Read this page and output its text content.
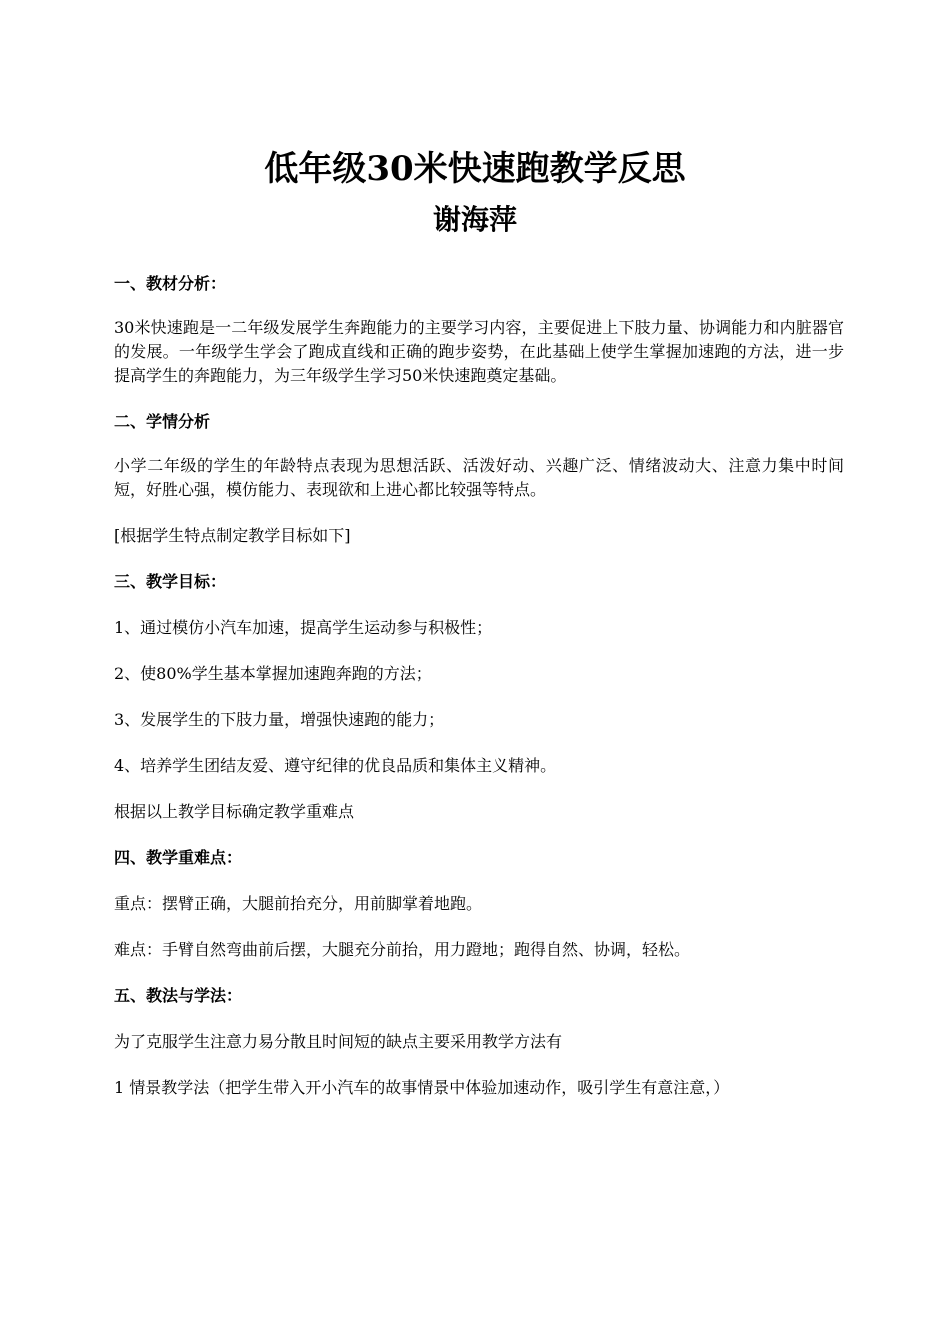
低年级30米快速跑教学反思
谢海萍
一、教材分析：
30米快速跑是一二年级发展学生奔跑能力的主要学习内容，主要促进上下肢力量、协调能力和内脏器官的发展。一年级学生学会了跑成直线和正确的跑步姿势，在此基础上使学生掌握加速跑的方法，进一步提高学生的奔跑能力，为三年级学生学习50米快速跑奠定基础。
二、学情分析
小学二年级的学生的年龄特点表现为思想活跃、活泼好动、兴趣广泛、情绪波动大、注意力集中时间短，好胜心强，模仿能力、表现欲和上进心都比较强等特点。
[根据学生特点制定教学目标如下]
三、教学目标：
1、通过模仿小汽车加速，提高学生运动参与积极性；
2、使80%学生基本掌握加速跑奔跑的方法；
3、发展学生的下肢力量，增强快速跑的能力；
4、培养学生团结友爱、遵守纪律的优良品质和集体主义精神。
根据以上教学目标确定教学重难点
四、教学重难点：
重点：摆臂正确，大腿前抬充分，用前脚掌着地跑。
难点：手臂自然弯曲前后摆，大腿充分前抬，用力蹬地；跑得自然、协调，轻松。
五、教法与学法：
为了克服学生注意力易分散且时间短的缺点主要采用教学方法有
1 情景教学法（把学生带入开小汽车的故事情景中体验加速动作，吸引学生有意注意，）
